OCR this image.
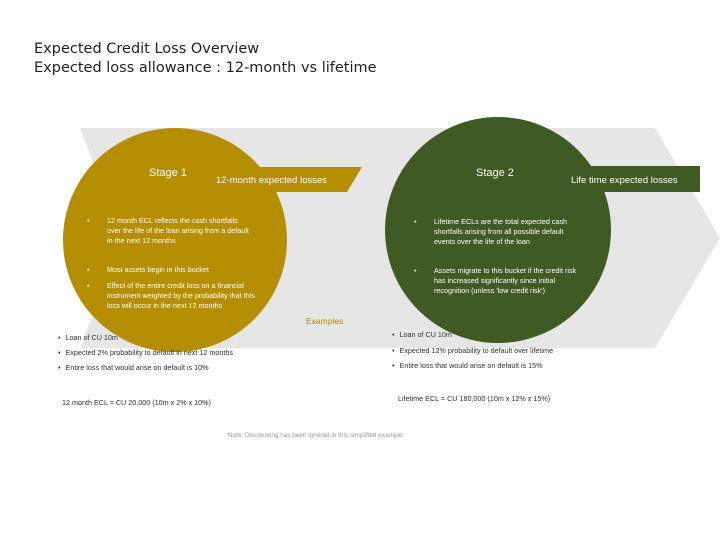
Expected Credit Loss Overview
Expected loss allowance : 12-month vs lifetime
Stage 1
12-month expected losses
• 12 month ECL reflects the cash shortfalls over the life of the loan arising from a default in the next 12 months
• Most assets begin in this bucket
• Effect of the entire credit loss on a financial instrument weighted by the probability that this loss will occur in the next 12 months
Stage 2
Life time expected losses
• Lifetime ECLs are the total expected cash shortfalls arising from all possible default events over the life of the loan
• Assets migrate to this bucket if the credit risk has increased significantly since initial recognition (unless 'low credit risk')
Examples
• Loan of CU 10m
• Expected 2% probability to default in next 12 months
• Entire loss that would arise on default is 10%
• Loan of CU 10m
• Expected 12% probability to default over lifetime
• Entire loss that would arise on default is 15%
12 month ECL = CU 20,000 (10m x 2% x 10%)	Lifetime ECL = CU 180,000 (10m x 12% x 15%)
Note: Discounting has been ignored in this simplified example
